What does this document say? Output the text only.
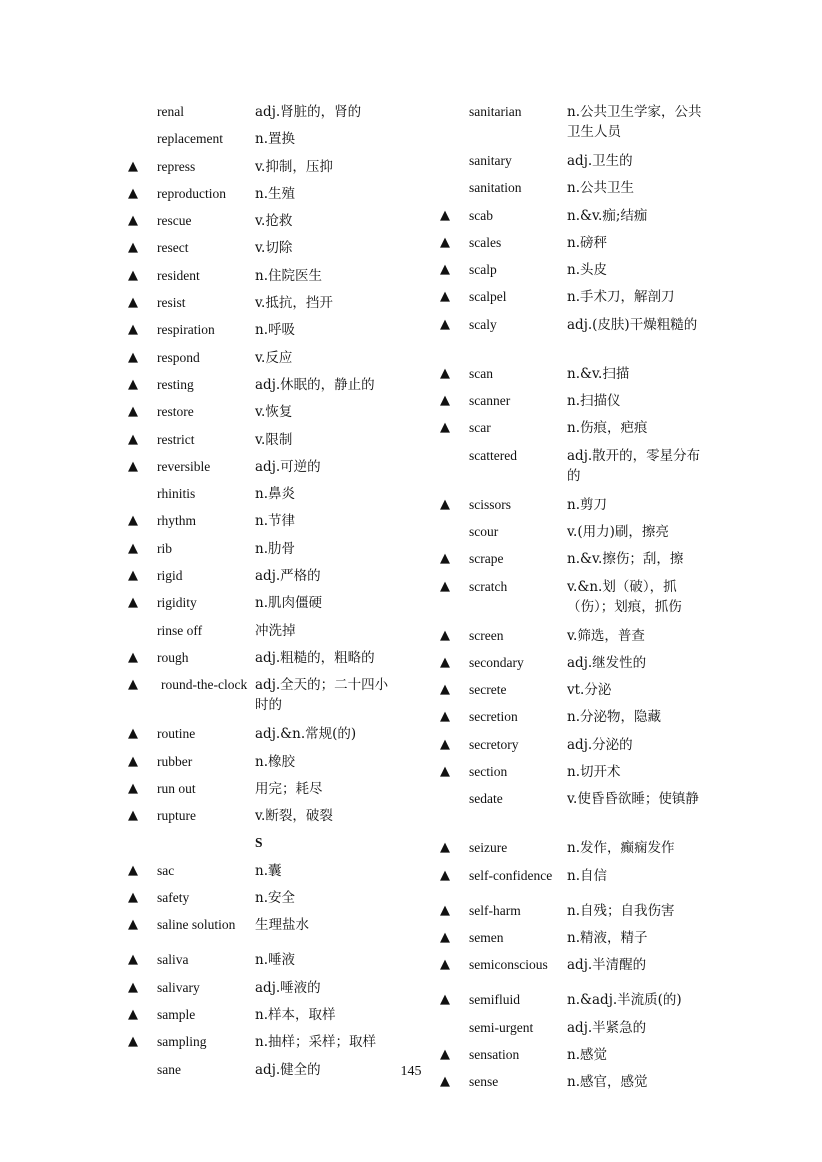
renal	adj.肾脏的，肾的
replacement	n.置换
▲	repress	v.抑制，压抑
▲	reproduction	n.生殖
▲	rescue	v.抢救
▲	resect	v.切除
▲	resident	n.住院医生
▲	resist	v.抵抗，挡开
▲	respiration	n.呼吸
▲	respond	v.反应
▲	resting	adj.休眠的，静止的
▲	restore	v.恢复
▲	restrict	v.限制
▲	reversible	adj.可逆的
rhinitis	n.鼻炎
▲	rhythm	n.节律
▲	rib	n.肋骨
▲	rigid	adj.严格的
▲	rigidity	n.肌肉僵硬
rinse off	冲洗掉
▲	rough	adj.粗糙的，粗略的
▲	round-the-clock adj.全天的；二十四小时的
▲	routine	adj.&n.常规(的)
▲	rubber	n.橡胶
▲	run out	用完；耗尽
▲	rupture	v.断裂，破裂
S
▲	sac	n.囊
▲	safety	n.安全
▲	saline solution	生理盐水
▲	saliva	n.唾液
▲	salivary	adj.唾液的
▲	sample	n.样本，取样
▲	sampling	n.抽样；采样；取样
sane	adj.健全的
sanitarian	n.公共卫生学家，公共卫生人员
sanitary	adj.卫生的
sanitation	n.公共卫生
▲	scab	n.&v.痂;结痂
▲	scales	n.磅秤
▲	scalp	n.头皮
▲	scalpel	n.手术刀，解剖刀
▲	scaly	adj.(皮肤)干燥粗糙的
▲	scan	n.&v.扫描
▲	scanner	n.扫描仪
▲	scar	n.伤痕，疤痕
scattered	adj.散开的，零星分布的
▲	scissors	n.剪刀
scour	v.(用力)刷，擦亮
▲	scrape	n.&v.擦伤；刮，擦
▲	scratch	v.&n.划（破），抓（伤）；划痕，抓伤
▲	screen	v.筛选，普查
▲	secondary	adj.继发性的
▲	secrete	vt.分泌
▲	secretion	n.分泌物，隐藏
▲	secretory	adj.分泌的
▲	section	n.切开术
sedate	v.使昏昏欲睡；使镇静
▲	seizure	n.发作，癫痫发作
▲	self-confidence	n.自信
▲	self-harm	n.自残；自我伤害
▲	semen	n.精液，精子
▲	semiconscious	adj.半清醒的
▲	semifluid	n.&adj.半流质(的)
semi-urgent	adj.半紧急的
▲	sensation	n.感觉
▲	sense	n.感官，感觉
145
